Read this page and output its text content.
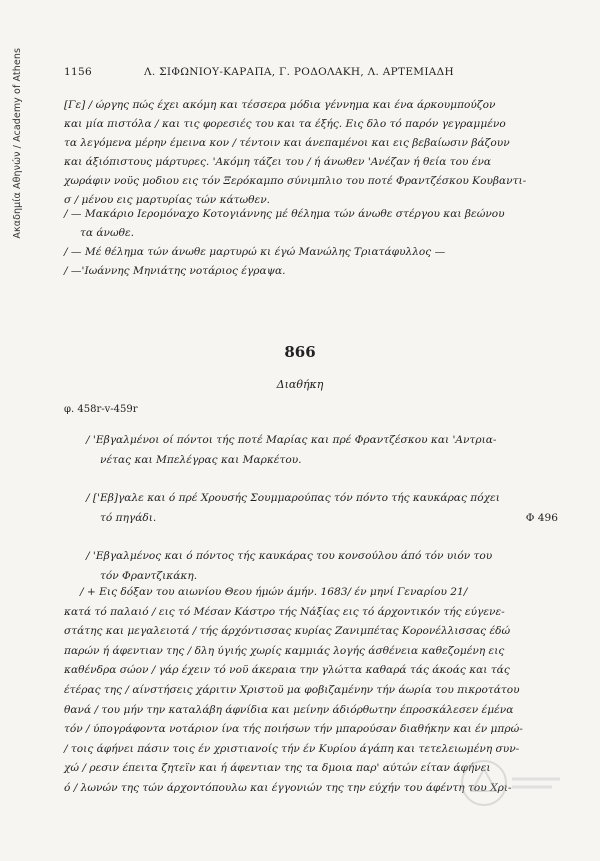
Ακαδημία Αθηνών / Academy of Athens	1156	Λ. ΣΙΦΩΝΙΟΥ-ΚΑΡΑΠΑ, Γ. ΡΟΔΟΛΑΚΗ, Λ. ΑΡΤΕΜΙΑΔΗ
[Γε] / ώργης πώς έχει ακόμη και τέσσερα μόδια γέννημα και ένα άρκουμπούζον
και μία πιστόλα / και τις φορεσιές του και τα έξής. Εις δλο τό παρόν γεγραμμένο
τα λεγόμενα μέρην έμεινα κον / τέντοιν και άνεπαμένοι και εις βεβαίωσιν βάζουν
και άξιόπιστους μάρτυρες. 'Ακόμη τάζει του / ή άνωθεν 'Ανέζαν ή θεία του ένα
χωράφιν νοϋς μοδιου εις τόν Ξερόκαμπο σύνιμπλιο του ποτέ Φραντζέσκου Κουβαντι-
σ / μένου εις μαρτυρίας τών κάτωθεν.
/ — Μακάριο Ιερομόναχο Κοτογιάννης μέ θέλημα τών άνωθε στέργου και βεώνου
τα άνωθε.
/ — Μέ θέλημα τών άνωθε μαρτυρώ κι έγώ Μανώλης Τριατάφυλλος —
/ —'Ιωάννης Μηνιάτης νοτάριος έγραψα.
866
Διαθήκη
φ. 458r-v-459r
/ 'Εβγαλμένοι οί πόντοι τής ποτέ Μαρίας και πρέ Φραντζέσκου και 'Αντρια-
νέτας και Μπελέγρας και Μαρκέτου.
/ ['Εβ]γαλε και ό πρέ Χρουσής Σουμμαρούπας τόν πόντο τής καυκάρας πόχει
τό πηγάδι.	Φ 496
/ 'Εβγαλμένος και ό πόντος τής καυκάρας του κονσούλου άπό τόν υιόν του
τόν Φραντζικάκη.
/ + Εις δόξαν του αιωνίου Θεου ήμών άμήν. 1683/ έν μηνί Γεναρίου 21/
κατά τό παλαιό / εις τό Μέσαν Κάστρο τής Νάξίας εις τό άρχοντικόν τής εύγενε-
στάτης και μεγαλειοτά / τής άρχόντισσας κυρίας Ζανιμπέτας Κορονέλλισσας έδώ
παρών ή άφεντιαν της / δλη ύγιής χωρίς καμμιάς λογής άσθένεια καθεζομένη εις
καθένδρα σώον / γάρ έχειν τό νοϋ άκεραια την γλώττα καθαρά τάς άκοάς και τάς
έτέρας της / αίνστήσεις χάριτιν Χριστοϋ μα φοβιζαμένην τήν άωρία του πικροτάτου
θανά / του μήν την καταλάβη άφνίδια και μείνην άδιόρθωτην έπροσκάλεσεν έμένα
τόν / ύπογράφοντα νοτάριον ίνα τής ποιήσων τήν μπαρούσαν διαθήκην και έν μπρώ-
/ τοις άφήνει πάσιν τοις έν χριστιανοίς τήν έν Κυρίου άγάπη και τετελειωμένη συν-
χώ / ρεσιν έπειτα ζητεϊν και ή άφεντιαν της τα δμοια παρ' αύτών είταν άφήνει
ό / λωνών της τών άρχοντόπουλω και έγγονιών της την εύχήν του άφέντη του Χρι-
